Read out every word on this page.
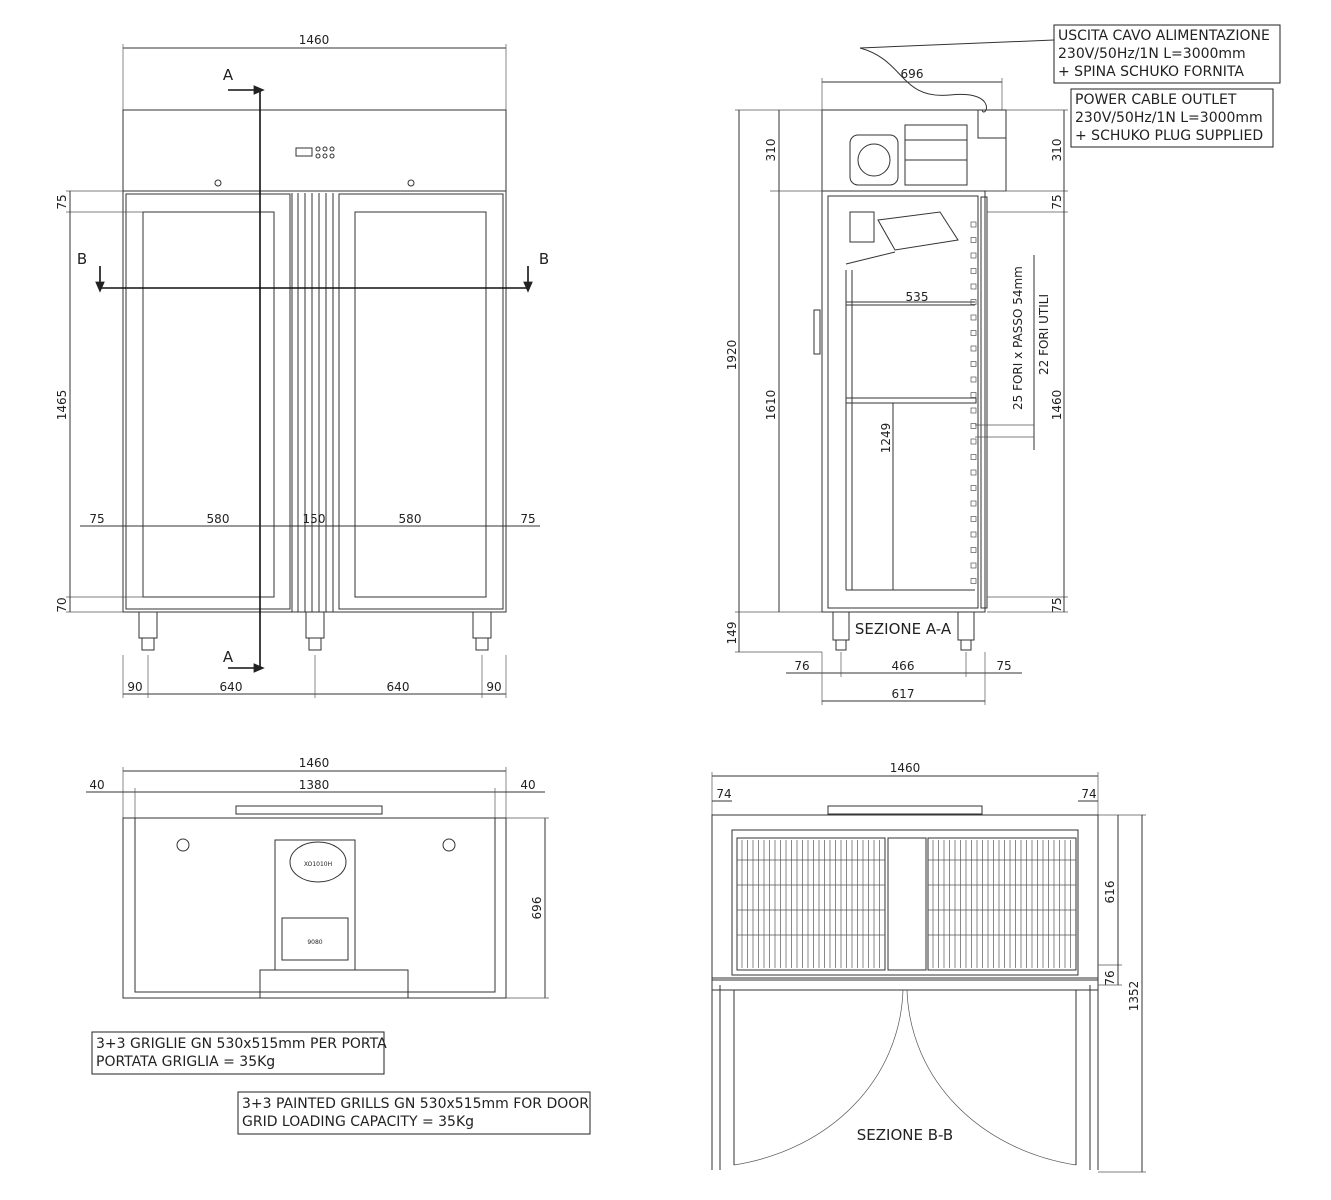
1460
A
A
B	B
75
1465
70
75	580	150	580	75
90	640	640	90
696
1920
310
1610
149
535
1249
25 FORI x PASSO 54mm 22 FORI UTILI
310
75
1460
75
SEZIONE A-A
76	466	75
617
USCITA CAVO ALIMENTAZIONE
230V/50Hz/1N L=3000mm
+ SPINA SCHUKO FORNITA
POWER CABLE OUTLET
230V/50Hz/1N L=3000mm
+ SCHUKO PLUG SUPPLIED
1460
40	1380	40
XO1010H
9080
696
3+3 GRIGLIE GN 530x515mm PER PORTA
PORTATA GRIGLIA = 35Kg
3+3 PAINTED GRILLS GN 530x515mm FOR DOOR
GRID LOADING CAPACITY = 35Kg
1460
74	74
SEZIONE B-B
616
76
1352
